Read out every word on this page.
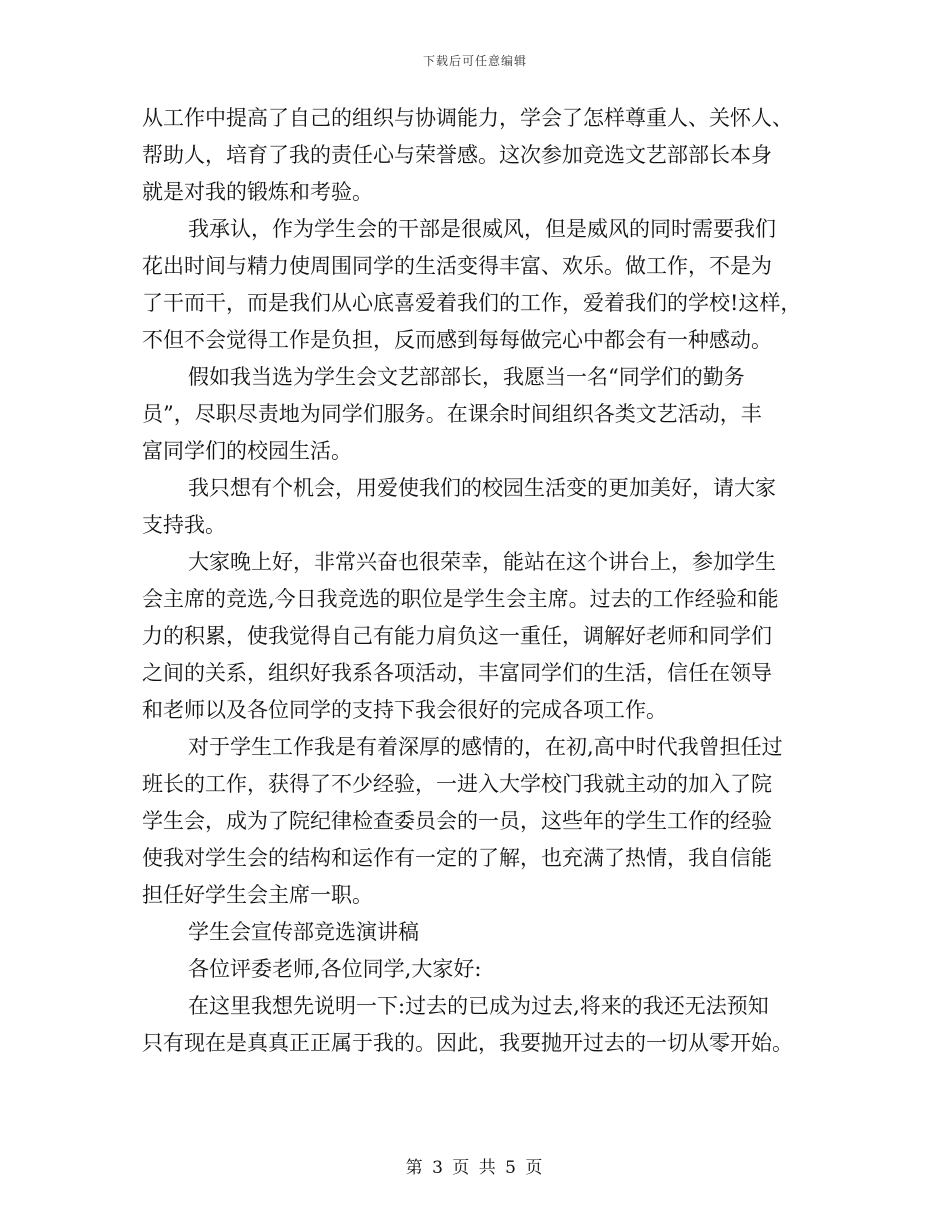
下载后可任意编辑
从工作中提高了自己的组织与协调能力，学会了怎样尊重人、关怀人、
帮助人，培育了我的责任心与荣誉感。这次参加竞选文艺部部长本身
就是对我的锻炼和考验。
我承认，作为学生会的干部是很威风，但是威风的同时需要我们
花出时间与精力使周围同学的生活变得丰富、欢乐。做工作，不是为
了干而干，而是我们从心底喜爱着我们的工作，爱着我们的学校!这样，
不但不会觉得工作是负担，反而感到每每做完心中都会有一种感动。
假如我当选为学生会文艺部部长，我愿当一名“同学们的勤务
员”，尽职尽责地为同学们服务。在课余时间组织各类文艺活动，丰
富同学们的校园生活。
我只想有个机会，用爱使我们的校园生活变的更加美好，请大家
支持我。
大家晚上好，非常兴奋也很荣幸，能站在这个讲台上，参加学生
会主席的竞选,今日我竞选的职位是学生会主席。过去的工作经验和能
力的积累，使我觉得自己有能力肩负这一重任，调解好老师和同学们
之间的关系，组织好我系各项活动，丰富同学们的生活，信任在领导
和老师以及各位同学的支持下我会很好的完成各项工作。
对于学生工作我是有着深厚的感情的，在初,高中时代我曾担任过
班长的工作，获得了不少经验，一进入大学校门我就主动的加入了院
学生会，成为了院纪律检查委员会的一员，这些年的学生工作的经验
使我对学生会的结构和运作有一定的了解，也充满了热情，我自信能
担任好学生会主席一职。
学生会宣传部竞选演讲稿
各位评委老师,各位同学,大家好:
在这里我想先说明一下:过去的已成为过去,将来的我还无法预知
只有现在是真真正正属于我的。因此，我要抛开过去的一切从零开始。
第 3 页 共 5 页
